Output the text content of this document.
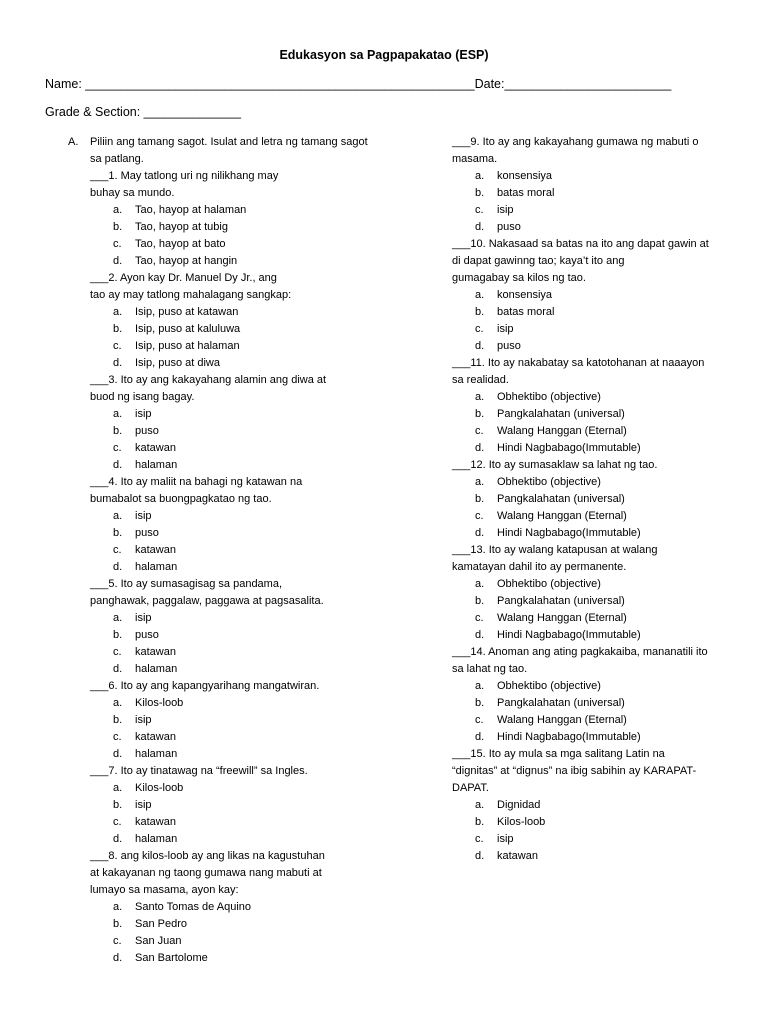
Edukasyon sa Pagpapakatao (ESP)
Name: ________________________________________________________Date:________________________
Grade & Section: ______________
A.	Piliin ang tamang sagot. Isulat and letra ng tamang sagot sa patlang.
___1. May tatlong uri ng nilikhang may
buhay sa mundo.
a.	Tao, hayop at halaman
b.	Tao, hayop at tubig
c.	Tao, hayop at bato
d.	Tao, hayop at hangin
___2. Ayon kay Dr. Manuel Dy Jr., ang
tao ay may tatlong mahalagang sangkap:
a.	Isip, puso at katawan
b.	Isip, puso at kaluluwa
c.	Isip, puso at halaman
d.	Isip, puso at diwa
___3. Ito ay ang kakayahang alamin ang diwa at
buod ng isang bagay.
a.	isip
b.	puso
c.	katawan
d.	halaman
___4. Ito ay maliit na bahagi ng katawan na
bumabalot sa buongpagkatao ng tao.
a.	isip
b.	puso
c.	katawan
d.	halaman
___5. Ito ay sumasagisag sa pandama,
panghawak, paggalaw, paggawa at pagsasalita.
a.	isip
b.	puso
c.	katawan
d.	halaman
___6. Ito ay ang kapangyarihang mangatwiran.
a.	Kilos-loob
b.	isip
c.	katawan
d.	halaman
___7. Ito ay tinatawag na “freewill” sa Ingles.
a.	Kilos-loob
b.	isip
c.	katawan
d.	halaman
___8. ang kilos-loob ay ang likas na kagustuhan
at kakayanan ng taong gumawa nang mabuti at
lumayo sa masama, ayon kay:
a.	Santo Tomas de Aquino
b.	San Pedro
c.	San Juan
d.	San Bartolome
___9. Ito ay ang kakayahang gumawa ng mabuti o
masama.
a.	konsensiya
b.	batas moral
c.	isip
d.	puso
___10. Nakasaad sa batas na ito ang dapat gawin at
di dapat gawinng tao; kaya’t ito ang
gumagabay sa kilos ng tao.
a.	konsensiya
b.	batas moral
c.	isip
d.	puso
___11. Ito ay nakabatay sa katotohanan at naaayon
sa realidad.
a.	Obhektibo (objective)
b.	Pangkalahatan (universal)
c.	Walang Hanggan (Eternal)
d.	Hindi Nagbabago(Immutable)
___12. Ito ay sumasaklaw sa lahat ng tao.
a.	Obhektibo (objective)
b.	Pangkalahatan (universal)
c.	Walang Hanggan (Eternal)
d.	Hindi Nagbabago(Immutable)
___13. Ito ay walang katapusan at walang
kamatayan dahil ito ay permanente.
a.	Obhektibo (objective)
b.	Pangkalahatan (universal)
c.	Walang Hanggan (Eternal)
d.	Hindi Nagbabago(Immutable)
___14. Anoman ang ating pagkakaiba, mananatili ito
sa lahat ng tao.
a.	Obhektibo (objective)
b.	Pangkalahatan (universal)
c.	Walang Hanggan (Eternal)
d.	Hindi Nagbabago(Immutable)
___15. Ito ay mula sa mga salitang Latin na
“dignitas” at “dignus” na ibig sabihin ay KARAPAT-
DAPAT.
a.	Dignidad
b.	Kilos-loob
c.	isip
d.	katawan
